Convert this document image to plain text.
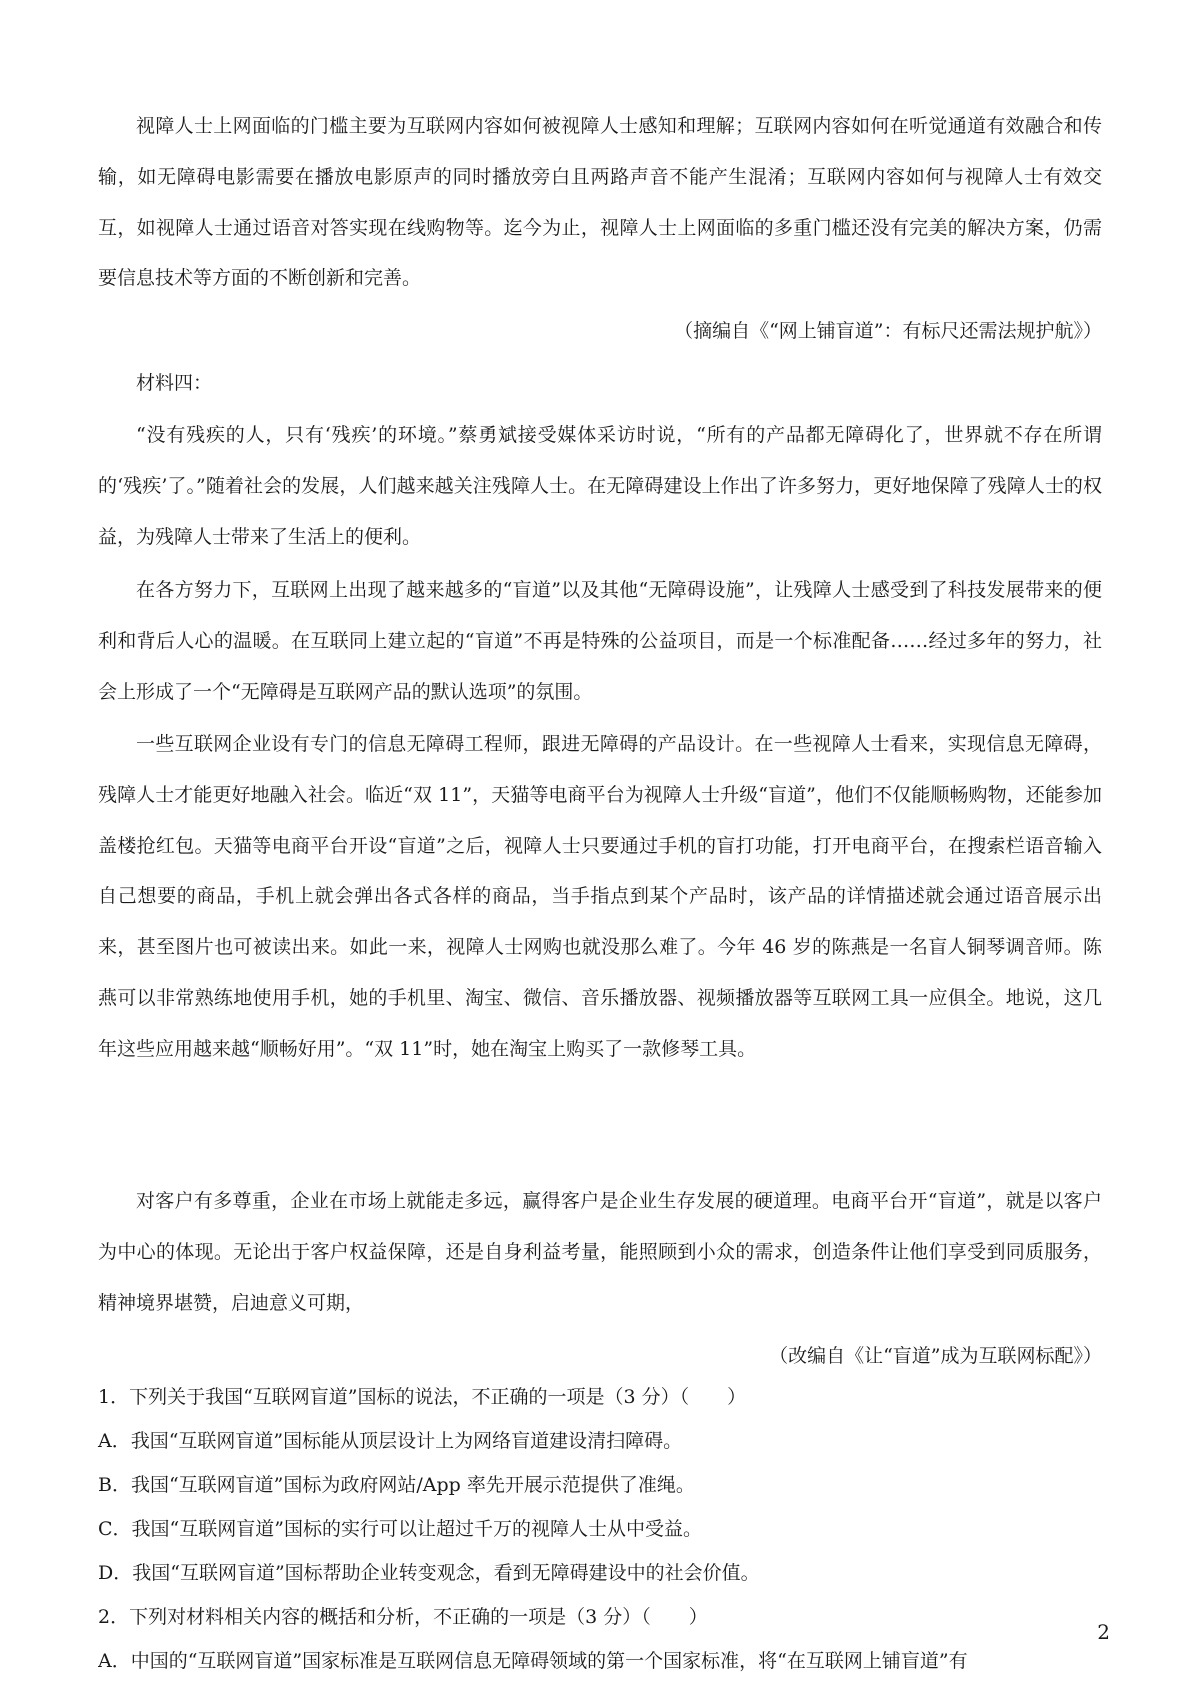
视障人士上网面临的门槛主要为互联网内容如何被视障人士感知和理解；互联网内容如何在听觉通道有效融合和传输，如无障碍电影需要在播放电影原声的同时播放旁白且两路声音不能产生混淆；互联网内容如何与视障人士有效交互，如视障人士通过语音对答实现在线购物等。迄今为止，视障人士上网面临的多重门槛还没有完美的解决方案，仍需要信息技术等方面的不断创新和完善。

（摘编自《“网上铺盲道”：有标尺还需法规护航》）

材料四：

“没有残疾的人，只有‘残疾’的环境。”蔡勇斌接受媒体采访时说，“所有的产品都无障碍化了，世界就不存在所谓的‘残疾’了。”随着社会的发展，人们越来越关注残障人士。在无障碍建设上作出了许多努力，更好地保障了残障人士的权益，为残障人士带来了生活上的便利。

在各方努力下，互联网上出现了越来越多的“盲道”以及其他“无障碍设施”，让残障人士感受到了科技发展带来的便利和背后人心的温暖。在互联同上建立起的“盲道”不再是特殊的公益项目，而是一个标准配备……经过多年的努力，社会上形成了一个“无障碍是互联网产品的默认选项”的氛围。

一些互联网企业设有专门的信息无障碍工程师，跟进无障碍的产品设计。在一些视障人士看来，实现信息无障碍，残障人士才能更好地融入社会。临近“双 11”，天猫等电商平台为视障人士升级“盲道”，他们不仅能顺畅购物，还能参加盖楼抢红包。天猫等电商平台开设“盲道”之后，视障人士只要通过手机的盲打功能，打开电商平台，在搜索栏语音输入自己想要的商品，手机上就会弹出各式各样的商品，当手指点到某个产品时，该产品的详情描述就会通过语音展示出来，甚至图片也可被读出来。如此一来，视障人士网购也就没那么难了。今年 46 岁的陈燕是一名盲人铜琴调音师。陈燕可以非常熟练地使用手机，她的手机里、淘宝、微信、音乐播放器、视频播放器等互联网工具一应俱全。地说，这几年这些应用越来越“顺畅好用”。“双 11”时，她在淘宝上购买了一款修琴工具。

对客户有多尊重，企业在市场上就能走多远，赢得客户是企业生存发展的硬道理。电商平台开“盲道”，就是以客户为中心的体现。无论出于客户权益保障，还是自身利益考量，能照顾到小众的需求，创造条件让他们享受到同质服务，精神境界堪赞，启迪意义可期，

（改编自《让“盲道”成为互联网标配》）

1．下列关于我国“互联网盲道”国标的说法，不正确的一项是（3 分）（　　）

A．我国“互联网盲道”国标能从顶层设计上为网络盲道建设清扫障碍。

B．我国“互联网盲道”国标为政府网站/App 率先开展示范提供了准绳。

C．我国“互联网盲道”国标的实行可以让超过千万的视障人士从中受益。

D．我国“互联网盲道”国标帮助企业转变观念，看到无障碍建设中的社会价值。

2

2．下列对材料相关内容的概括和分析，不正确的一项是（3 分）（　　）

A．中国的“互联网盲道”国家标准是互联网信息无障碍领域的第一个国家标准，将“在互联网上铺盲道”有
